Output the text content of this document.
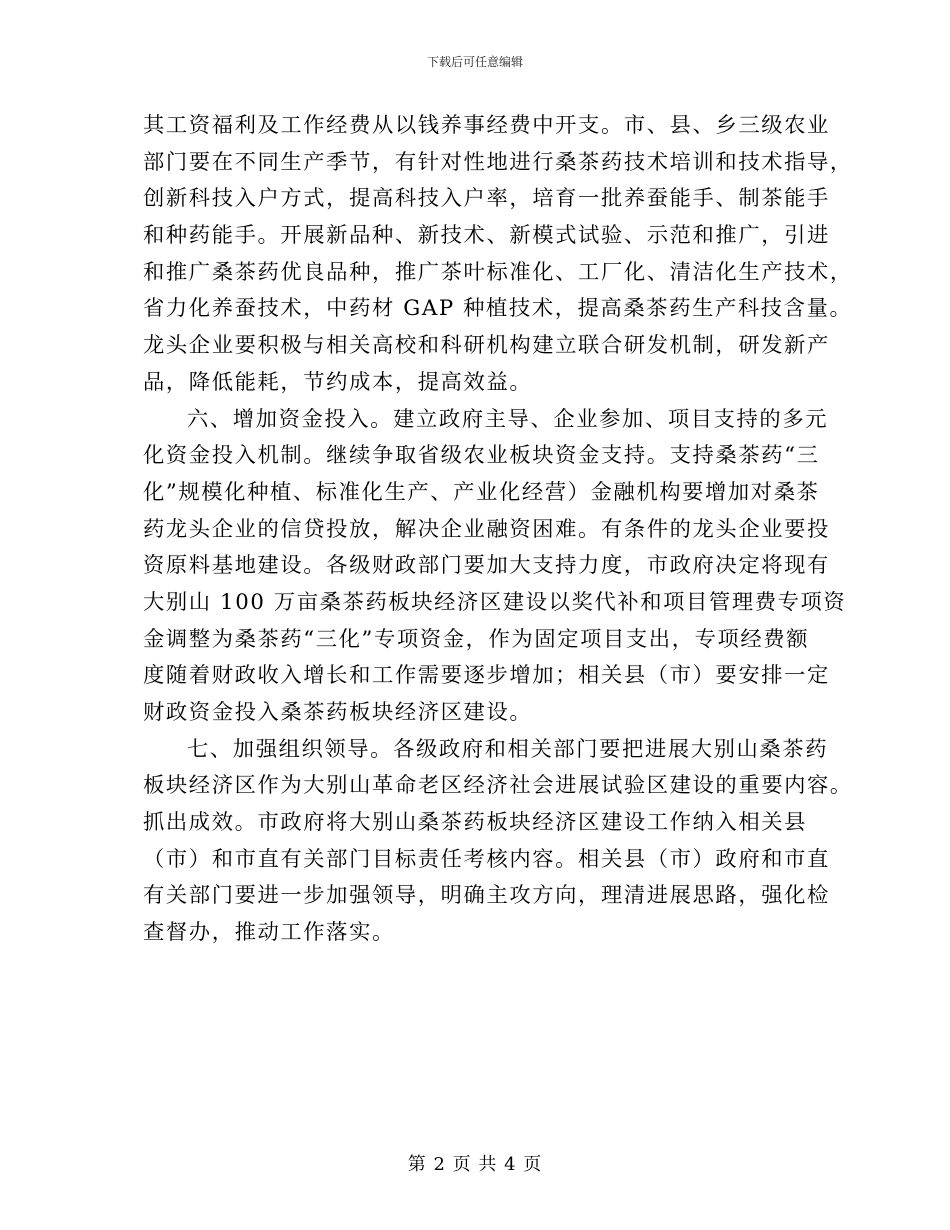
下载后可任意编辑
其工资福利及工作经费从以钱养事经费中开支。市、县、乡三级农业
部门要在不同生产季节，有针对性地进行桑茶药技术培训和技术指导，
创新科技入户方式，提高科技入户率，培育一批养蚕能手、制茶能手
和种药能手。开展新品种、新技术、新模式试验、示范和推广，引进
和推广桑茶药优良品种，推广茶叶标准化、工厂化、清洁化生产技术，
省力化养蚕技术，中药材 GAP 种植技术，提高桑茶药生产科技含量。
龙头企业要积极与相关高校和科研机构建立联合研发机制，研发新产
品，降低能耗，节约成本，提高效益。
六、增加资金投入。建立政府主导、企业参加、项目支持的多元
化资金投入机制。继续争取省级农业板块资金支持。支持桑茶药“三
化”规模化种植、标准化生产、产业化经营）金融机构要增加对桑茶
药龙头企业的信贷投放，解决企业融资困难。有条件的龙头企业要投
资原料基地建设。各级财政部门要加大支持力度，市政府决定将现有
大别山 100 万亩桑茶药板块经济区建设以奖代补和项目管理费专项资
金调整为桑茶药“三化”专项资金，作为固定项目支出，专项经费额
度随着财政收入增长和工作需要逐步增加；相关县（市）要安排一定
财政资金投入桑茶药板块经济区建设。
七、加强组织领导。各级政府和相关部门要把进展大别山桑茶药
板块经济区作为大别山革命老区经济社会进展试验区建设的重要内容。
抓出成效。市政府将大别山桑茶药板块经济区建设工作纳入相关县
（市）和市直有关部门目标责任考核内容。相关县（市）政府和市直
有关部门要进一步加强领导，明确主攻方向，理清进展思路，强化检
查督办，推动工作落实。
第 2 页 共 4 页
